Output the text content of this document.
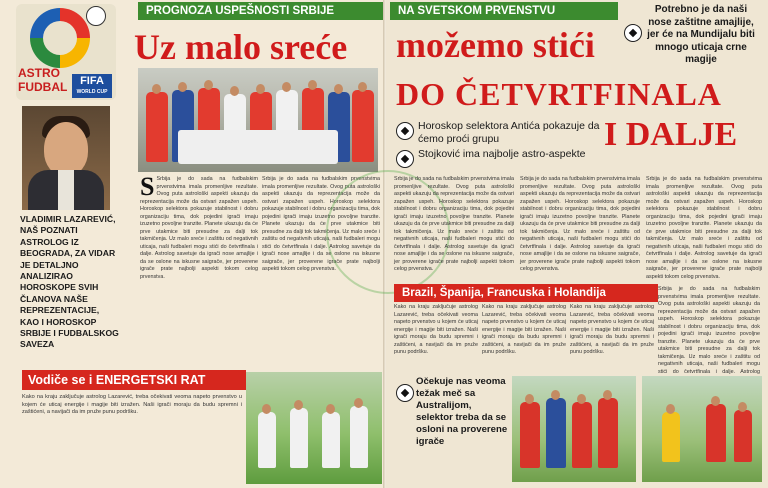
PROGNOZA USPEŠNOSTI SRBIJE
ASTRO
FUDBAL	FIFA
WORLD CUP
Uz malo sreće
VLADIMIR LAZAREVIĆ, NAŠ POZNATI ASTROLOG IZ BEOGRADA, ZA VIDAR JE DETALJNO ANALIZIRAO HOROSKOPE SVIH ČLANOVA NAŠE REPREZENTACIJE, KAO I HOROSKOP SRBIJE I FUDBALSKOG SAVEZA
S Srbija je do sada na fudbalskim prvenstvima imala promenljive rezultate. Ovog puta astrološki aspekti ukazuju da reprezentacija može da ostvari zapažen uspeh. Horoskop selektora pokazuje stabilnost i dobru organizaciju tima, dok pojedini igrači imaju izuzetno povoljne tranzite. Planete ukazuju da će prve utakmice biti presudne za dalji tok takmičenja. Uz malo sreće i zaštitu od negativnih uticaja, naši fudbaleri mogu stići do četvrtfinala i dalje. Astrolog savetuje da igrači nose amajlije i da se oslone na iskusne saigrače, jer proverene igrače prate najbolji aspekti tokom celog prvenstva.
Srbija je do sada na fudbalskim prvenstvima imala promenljive rezultate. Ovog puta astrološki aspekti ukazuju da reprezentacija može da ostvari zapažen uspeh. Horoskop selektora pokazuje stabilnost i dobru organizaciju tima, dok pojedini igrači imaju izuzetno povoljne tranzite. Planete ukazuju da će prve utakmice biti presudne za dalji tok takmičenja. Uz malo sreće i zaštitu od negativnih uticaja, naši fudbaleri mogu stići do četvrtfinala i dalje. Astrolog savetuje da igrači nose amajlije i da se oslone na iskusne saigrače, jer proverene igrače prate najbolji aspekti tokom celog prvenstva.
Vodiče se i ENERGETSKI RAT
Kako na kraju zaključuje astrolog Lazarević, treba očekivati veoma napeto prvenstvo u kojem će uticaj energije i magije biti izražen. Naši igrači moraju da budu spremni i zaštićeni, a navijači da im pruže punu podršku.
NA SVETSKOM PRVENSTVU
možemo stići
DO ČETVRTFINALA
I DALJE
Potrebno je da naši nose zaštitne amajlije, jer će na Mundijalu biti mnogo uticaja crne magije
Horoskop selektora Antića pokazuje da ćemo proći grupu
Stojković ima najbolje astro-aspekte
Srbija je do sada na fudbalskim prvenstvima imala promenljive rezultate. Ovog puta astrološki aspekti ukazuju da reprezentacija može da ostvari zapažen uspeh. Horoskop selektora pokazuje stabilnost i dobru organizaciju tima, dok pojedini igrači imaju izuzetno povoljne tranzite. Planete ukazuju da će prve utakmice biti presudne za dalji tok takmičenja. Uz malo sreće i zaštitu od negativnih uticaja, naši fudbaleri mogu stići do četvrtfinala i dalje. Astrolog savetuje da igrači nose amajlije i da se oslone na iskusne saigrače, jer proverene igrače prate najbolji aspekti tokom celog prvenstva.
Srbija je do sada na fudbalskim prvenstvima imala promenljive rezultate. Ovog puta astrološki aspekti ukazuju da reprezentacija može da ostvari zapažen uspeh. Horoskop selektora pokazuje stabilnost i dobru organizaciju tima, dok pojedini igrači imaju izuzetno povoljne tranzite. Planete ukazuju da će prve utakmice biti presudne za dalji tok takmičenja. Uz malo sreće i zaštitu od negativnih uticaja, naši fudbaleri mogu stići do četvrtfinala i dalje. Astrolog savetuje da igrači nose amajlije i da se oslone na iskusne saigrače, jer proverene igrače prate najbolji aspekti tokom celog prvenstva.
Srbija je do sada na fudbalskim prvenstvima imala promenljive rezultate. Ovog puta astrološki aspekti ukazuju da reprezentacija može da ostvari zapažen uspeh. Horoskop selektora pokazuje stabilnost i dobru organizaciju tima, dok pojedini igrači imaju izuzetno povoljne tranzite. Planete ukazuju da će prve utakmice biti presudne za dalji tok takmičenja. Uz malo sreće i zaštitu od negativnih uticaja, naši fudbaleri mogu stići do četvrtfinala i dalje. Astrolog savetuje da igrači nose amajlije i da se oslone na iskusne saigrače, jer proverene igrače prate najbolji aspekti tokom celog prvenstva.
Brazil, Španija, Francuska i Holandija
Kako na kraju zaključuje astrolog Lazarević, treba očekivati veoma napeto prvenstvo u kojem će uticaj energije i magije biti izražen. Naši igrači moraju da budu spremni i zaštićeni, a navijači da im pruže punu podršku.
Kako na kraju zaključuje astrolog Lazarević, treba očekivati veoma napeto prvenstvo u kojem će uticaj energije i magije biti izražen. Naši igrači moraju da budu spremni i zaštićeni, a navijači da im pruže punu podršku.
Kako na kraju zaključuje astrolog Lazarević, treba očekivati veoma napeto prvenstvo u kojem će uticaj energije i magije biti izražen. Naši igrači moraju da budu spremni i zaštićeni, a navijači da im pruže punu podršku.
Srbija je do sada na fudbalskim prvenstvima imala promenljive rezultate. Ovog puta astrološki aspekti ukazuju da reprezentacija može da ostvari zapažen uspeh. Horoskop selektora pokazuje stabilnost i dobru organizaciju tima, dok pojedini igrači imaju izuzetno povoljne tranzite. Planete ukazuju da će prve utakmice biti presudne za dalji tok takmičenja. Uz malo sreće i zaštitu od negativnih uticaja, naši fudbaleri mogu stići do četvrtfinala i dalje. Astrolog
Očekuje nas veoma težak meč sa Australijom, selektor treba da se osloni na proverene igrače
